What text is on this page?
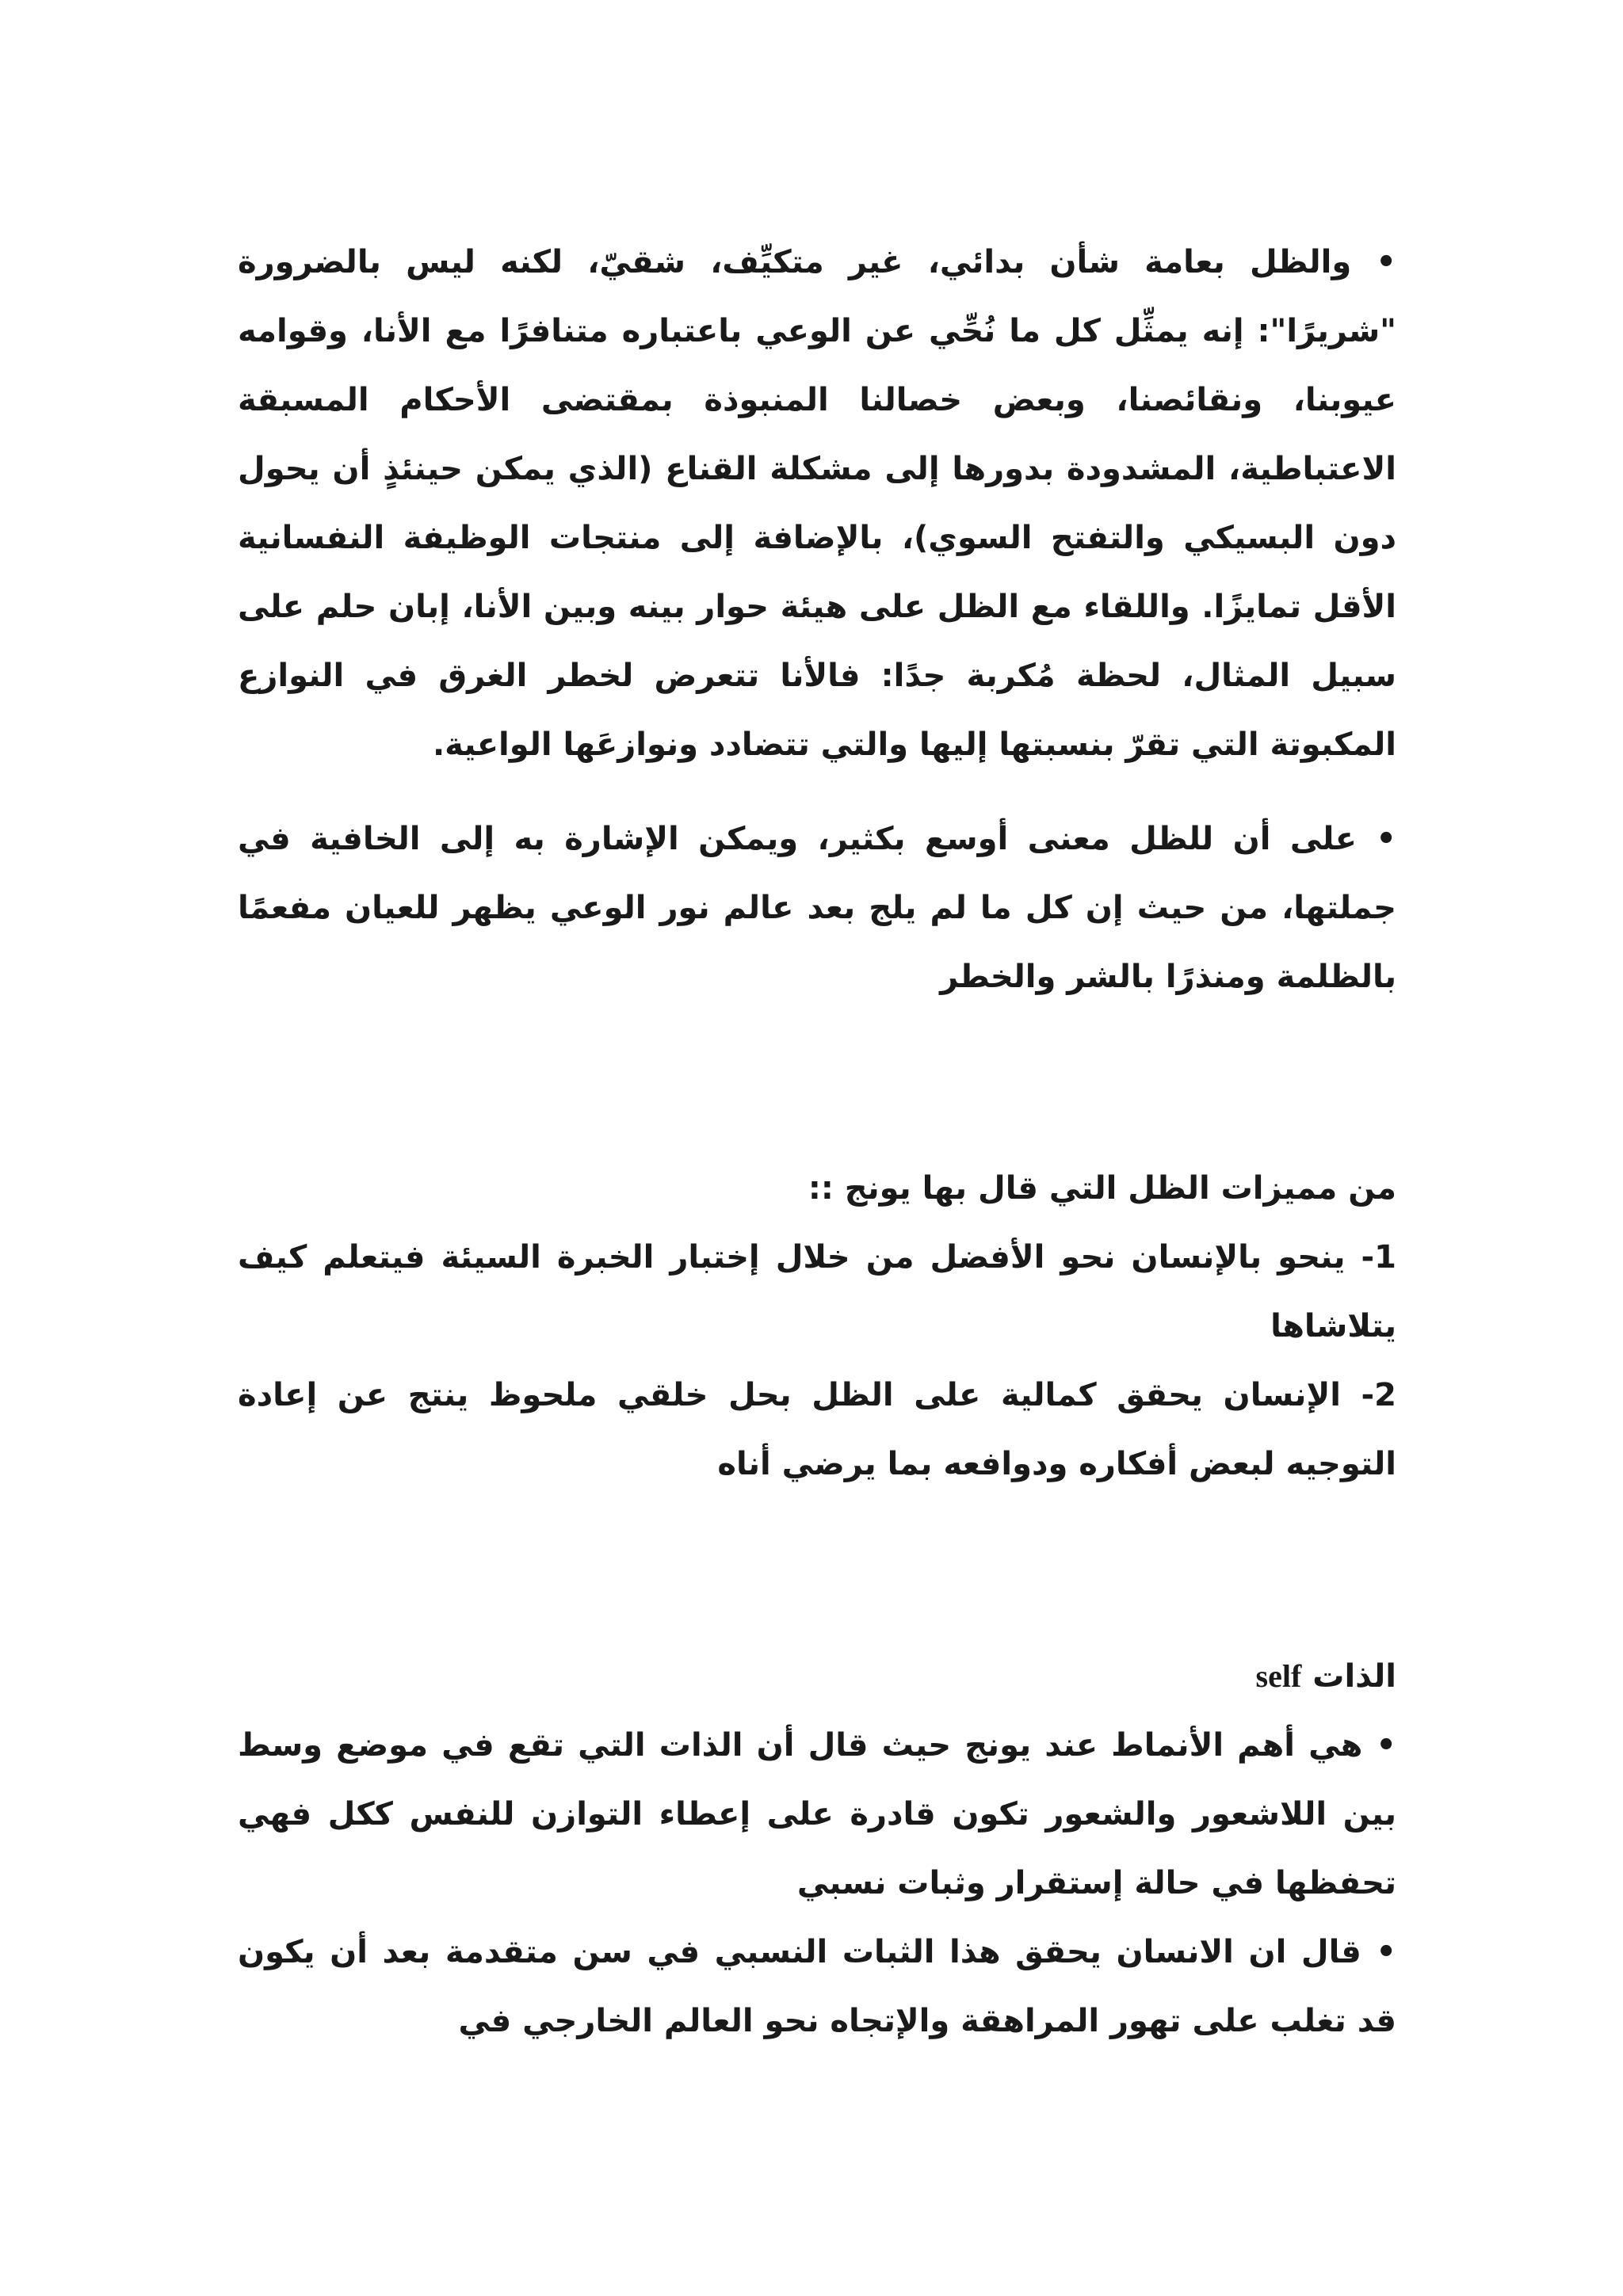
• والظل بعامة شأن بدائي، غير متكيِّف، شقيّ، لكنه ليس بالضرورة "شريرًا": إنه يمثِّل كل ما نُحِّي عن الوعي باعتباره متنافرًا مع الأنا، وقوامه عيوبنا، ونقائصنا، وبعض خصالنا المنبوذة بمقتضى الأحكام المسبقة الاعتباطية، المشدودة بدورها إلى مشكلة القناع (الذي يمكن حينئذٍ أن يحول دون البسيكي والتفتح السوي)، بالإضافة إلى منتجات الوظيفة النفسانية الأقل تمايزًا. واللقاء مع الظل على هيئة حوار بينه وبين الأنا، إبان حلم على سبيل المثال، لحظة مُكربة جدًا: فالأنا تتعرض لخطر الغرق في النوازع المكبوتة التي تقرّ بنسبتها إليها والتي تتضادد ونوازعَها الواعية.

• على أن للظل معنى أوسع بكثير، ويمكن الإشارة به إلى الخافية في جملتها، من حيث إن كل ما لم يلج بعد عالم نور الوعي يظهر للعيان مفعمًا بالظلمة ومنذرًا بالشر والخطر

من مميزات الظل التي قال بها يونج ::

1- ينحو بالإنسان نحو الأفضل من خلال إختبار الخبرة السيئة فيتعلم كيف يتلاشاها

2- الإنسان يحقق كمالية على الظل بحل خلقي ملحوظ ينتج عن إعادة التوجيه لبعض أفكاره ودوافعه بما يرضي أناه

الذات self

• هي أهم الأنماط عند يونج حيث قال أن الذات التي تقع في موضع وسط بين اللاشعور والشعور تكون قادرة على إعطاء التوازن للنفس ككل فهي تحفظها في حالة إستقرار وثبات نسبي

• قال ان الانسان يحقق هذا الثبات النسبي في سن متقدمة بعد أن يكون قد تغلب على تهور المراهقة والإتجاه نحو العالم الخارجي في
